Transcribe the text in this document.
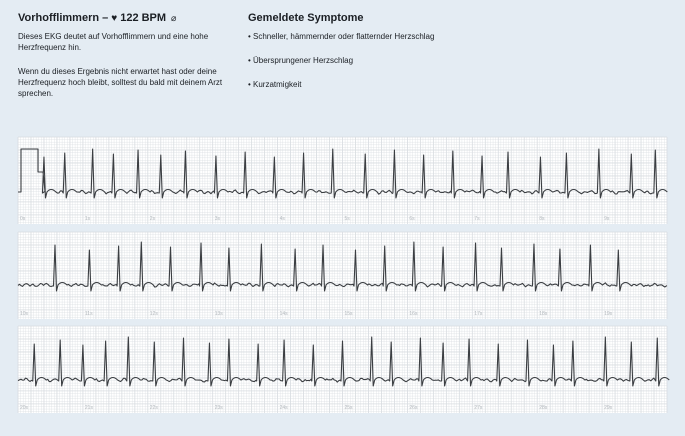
Vorhofflimmern – ♥ 122 BPM ⌀

Dieses EKG deutet auf Vorhofflimmern und eine hohe Herzfrequenz hin.

Wenn du dieses Ergebnis nicht erwartet hast oder deine Herzfrequenz hoch bleibt, solltest du bald mit deinem Arzt sprechen.

Gemeldete Symptome
• Schneller, hämmernder oder flatternder Herzschlag
• Übersprungener Herzschlag
• Kurzatmigkeit
0s	1s	2s	3s	4s	5s	6s	7s	8s	9s
10s	11s	12s	13s	14s	15s	16s	17s	18s	19s
20s	21s	22s	23s	24s	25s	26s	27s	28s	29s
